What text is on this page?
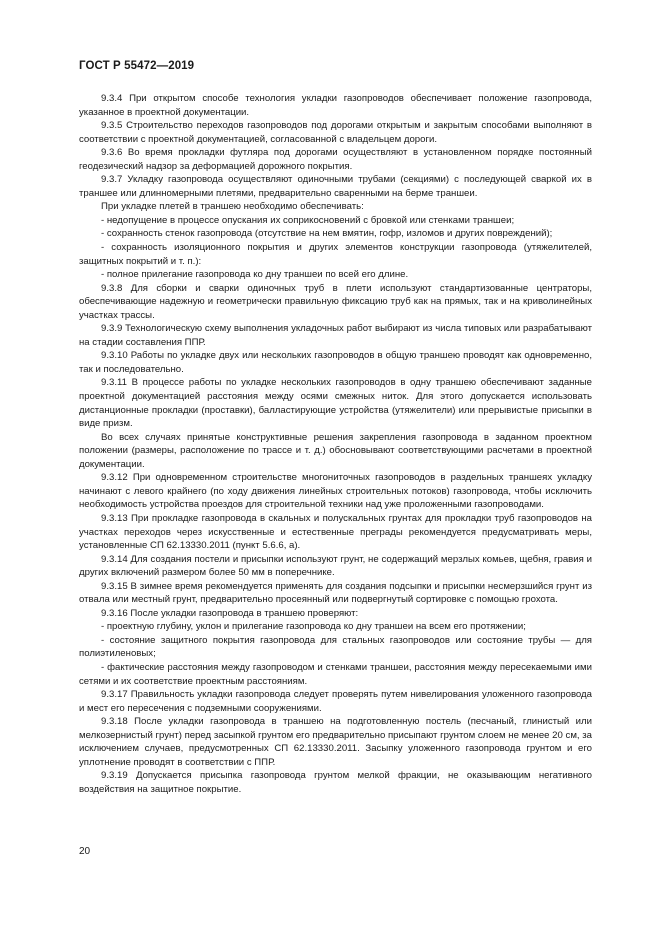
ГОСТ Р 55472—2019

9.3.4 При открытом способе технология укладки газопроводов обеспечивает положение газопровода, указанное в проектной документации.

9.3.5 Строительство переходов газопроводов под дорогами открытым и закрытым способами выполняют в соответствии с проектной документацией, согласованной с владельцем дороги.

9.3.6 Во время прокладки футляра под дорогами осуществляют в установленном порядке постоянный геодезический надзор за деформацией дорожного покрытия.

9.3.7 Укладку газопровода осуществляют одиночными трубами (секциями) с последующей сваркой их в траншее или длинномерными плетями, предварительно сваренными на берме траншеи.

При укладке плетей в траншею необходимо обеспечивать:

- недопущение в процессе опускания их соприкосновений с бровкой или стенками траншеи;

- сохранность стенок газопровода (отсутствие на нем вмятин, гофр, изломов и других повреждений);

- сохранность изоляционного покрытия и других элементов конструкции газопровода (утяжелителей, защитных покрытий и т. п.):

- полное прилегание газопровода ко дну траншеи по всей его длине.

9.3.8 Для сборки и сварки одиночных труб в плети используют стандартизованные центраторы, обеспечивающие надежную и геометрически правильную фиксацию труб как на прямых, так и на криволинейных участках трассы.

9.3.9 Технологическую схему выполнения укладочных работ выбирают из числа типовых или разрабатывают на стадии составления ППР.

9.3.10 Работы по укладке двух или нескольких газопроводов в общую траншею проводят как одновременно, так и последовательно.

9.3.11 В процессе работы по укладке нескольких газопроводов в одну траншею обеспечивают заданные проектной документацией расстояния между осями смежных ниток. Для этого допускается использовать дистанционные прокладки (проставки), балластирующие устройства (утяжелители) или прерывистые присыпки в виде призм.

Во всех случаях принятые конструктивные решения закрепления газопровода в заданном проектном положении (размеры, расположение по трассе и т. д.) обосновывают соответствующими расчетами в проектной документации.

9.3.12 При одновременном строительстве многониточных газопроводов в раздельных траншеях укладку начинают с левого крайнего (по ходу движения линейных строительных потоков) газопровода, чтобы исключить необходимость устройства проездов для строительной техники над уже проложенными газопроводами.

9.3.13 При прокладке газопровода в скальных и полускальных грунтах для прокладки труб газопроводов на участках переходов через искусственные и естественные преграды рекомендуется предусматривать меры, установленные СП 62.13330.2011 (пункт 5.6.6, а).

9.3.14 Для создания постели и присыпки используют грунт, не содержащий мерзлых комьев, щебня, гравия и других включений размером более 50 мм в поперечнике.

9.3.15 В зимнее время рекомендуется применять для создания подсыпки и присыпки несмерзшийся грунт из отвала или местный грунт, предварительно просеянный или подвергнутый сортировке с помощью грохота.

9.3.16 После укладки газопровода в траншею проверяют:

- проектную глубину, уклон и прилегание газопровода ко дну траншеи на всем его протяжении;

- состояние защитного покрытия газопровода для стальных газопроводов или состояние трубы — для полиэтиленовых;

- фактические расстояния между газопроводом и стенками траншеи, расстояния между пересекаемыми ими сетями и их соответствие проектным расстояниям.

9.3.17 Правильность укладки газопровода следует проверять путем нивелирования уложенного газопровода и мест его пересечения с подземными сооружениями.

9.3.18 После укладки газопровода в траншею на подготовленную постель (песчаный, глинистый или мелкозернистый грунт) перед засыпкой грунтом его предварительно присыпают грунтом слоем не менее 20 см, за исключением случаев, предусмотренных СП 62.13330.2011. Засыпку уложенного газопровода грунтом и его уплотнение проводят в соответствии с ППР.

9.3.19 Допускается присыпка газопровода грунтом мелкой фракции, не оказывающим негативного воздействия на защитное покрытие.

20
